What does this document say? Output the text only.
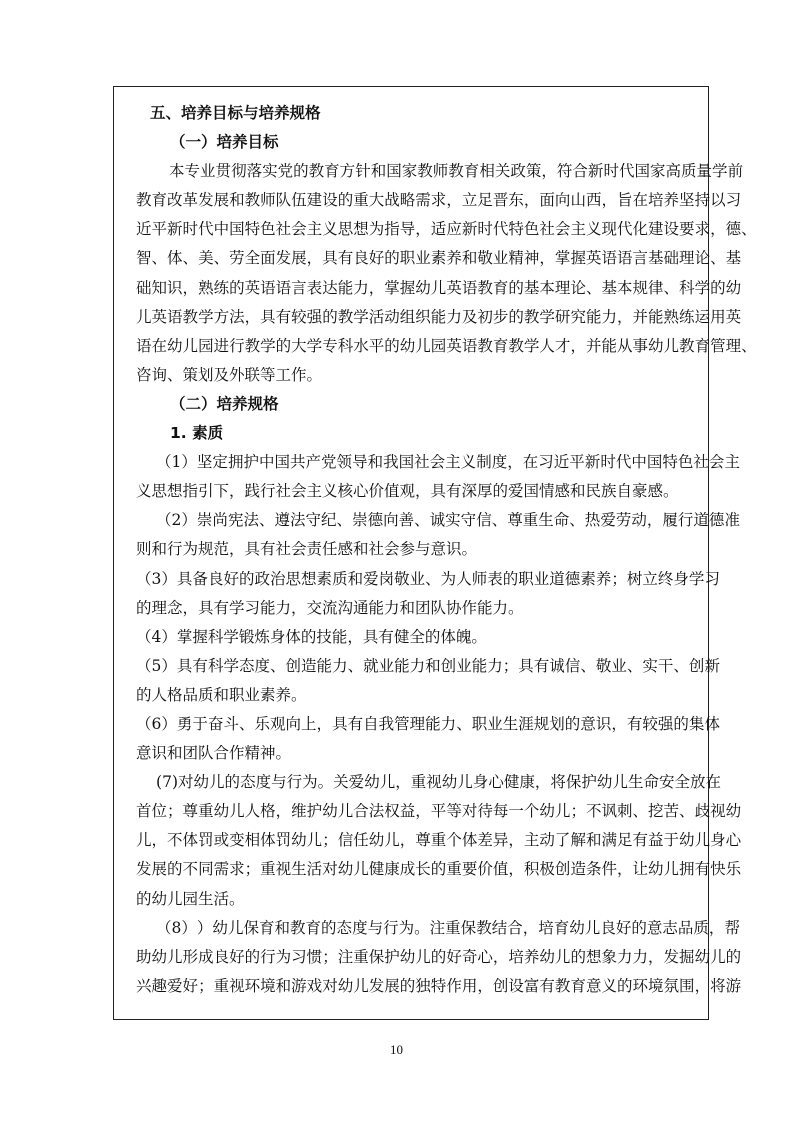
五、培养目标与培养规格
（一）培养目标
本 专 业 贯 彻 落 实 党 的 教 育 方 针 和 国 家 教 师 教 育 相 关 政 策 ， 符 合 新 时 代 国 家 高 质 量 学 前
教 育 改 革 发 展 和 教 师 队 伍 建 设 的 重 大 战 略 需 求 ， 立 足 晋 东 ， 面 向 山 西 ， 旨 在 培 养 坚 持 以 习
近 平 新 时 代 中 国 特 色 社 会 主 义 思 想 为 指 导 ， 适 应 新 时 代 特 色 社 会 主 义 现 代 化 建 设 要 求 ， 德 、
智 、 体 、 美 、 劳 全 面 发 展 ， 具 有 良 好 的 职 业 素 养 和 敬 业 精 神 ， 掌 握 英 语 语 言 基 础 理 论 、 基
础 知 识 ， 熟 练 的 英 语 语 言 表 达 能 力 ， 掌 握 幼 儿 英 语 教 育 的 基 本 理 论 、 基 本 规 律 、 科 学 的 幼
儿 英 语 教 学 方 法 ， 具 有 较 强 的 教 学 活 动 组 织 能 力 及 初 步 的 教 学 研 究 能 力 ， 并 能 熟 练 运 用 英
语 在 幼 儿 园 进 行 教 学 的 大 学 专 科 水 平 的 幼 儿 园 英 语 教 育 教 学 人 才 ， 并 能 从 事 幼 儿 教 育 管 理 、
咨询、策划及外联等工作。
（二）培养规格
1. 素质
（ 1 ） 坚 定 拥 护 中 国 共 产 党 领 导 和 我 国 社 会 主 义 制 度 ， 在 习 近 平 新 时 代 中 国 特 色 社 会 主
义思想指引下，践行社会主义核心价值观，具有深厚的爱国情感和民族自豪感。
（ 2 ） 崇 尚 宪 法 、 遵 法 守 纪 、 崇 德 向 善 、 诚 实 守 信 、 尊 重 生 命 、 热 爱 劳 动 ， 履 行 道 德 准
则和行为规范，具有社会责任感和社会参与意识。
（ 3 ） 具 备 良 好 的 政 治 思 想 素 质 和 爱 岗 敬 业 、 为 人 师 表 的 职 业 道 德 素 养 ； 树 立 终 身 学 习
的理念，具有学习能力，交流沟通能力和团队协作能力。
（4）掌握科学锻炼身体的技能，具有健全的体魄。
（ 5 ） 具 有 科 学 态 度 、 创 造 能 力 、 就 业 能 力 和 创 业 能 力 ； 具 有 诚 信 、 敬 业 、 实 干 、 创 新
的人格品质和职业素养。
（ 6 ） 勇 于 奋 斗 、 乐 观 向 上 ， 具 有 自 我 管 理 能 力 、 职 业 生 涯 规 划 的 意 识 ， 有 较 强 的 集 体
意识和团队合作精神。
( 7 ) 对 幼 儿 的 态 度 与 行 为 。 关 爱 幼 儿 ， 重 视 幼 儿 身 心 健 康 ， 将 保 护 幼 儿 生 命 安 全 放 在
首 位 ； 尊 重 幼 儿 人 格 ， 维 护 幼 儿 合 法 权 益 ， 平 等 对 待 每 一 个 幼 儿 ； 不 讽 刺 、 挖 苦 、 歧 视 幼
儿 ， 不 体 罚 或 变 相 体 罚 幼 儿 ； 信 任 幼 儿 ， 尊 重 个 体 差 异 ， 主 动 了 解 和 满 足 有 益 于 幼 儿 身 心
发 展 的 不 同 需 求 ； 重 视 生 活 对 幼 儿 健 康 成 长 的 重 要 价 值 ， 积 极 创 造 条 件 ， 让 幼 儿 拥 有 快 乐
的幼儿园生活。
（ 8 ） ） 幼 儿 保 育 和 教 育 的 态 度 与 行 为 。 注 重 保 教 结 合 ， 培 育 幼 儿 良 好 的 意 志 品 质 ， 帮
助 幼 儿 形 成 良 好 的 行 为 习 惯 ； 注 重 保 护 幼 儿 的 好 奇 心 ， 培 养 幼 儿 的 想 象 力 力 ， 发 掘 幼 儿 的
兴 趣 爱 好 ； 重 视 环 境 和 游 戏 对 幼 儿 发 展 的 独 特 作 用 ， 创 设 富 有 教 育 意 义 的 环 境 氛 围 ， 将 游
10
